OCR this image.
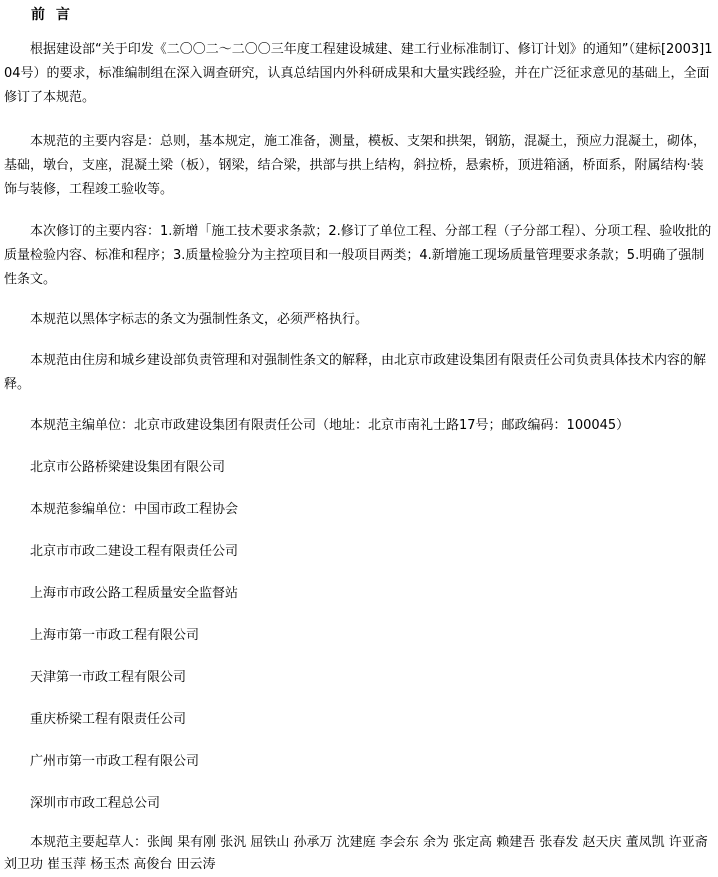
前 言

根据建设部“关于印发《二〇〇二～二〇〇三年度工程建设城建、建工行业标准制订、修订计划》的通知”（建标[2003]104号）的要求，标准编制组在深入调查研究，认真总结国内外科研成果和大量实践经验，并在广泛征求意见的基础上，全面修订了本规范。

本规范的主要内容是：总则，基本规定，施工准备，测量，模板、支架和拱架，钢筋，混凝土，预应力混凝土，砌体，基础，墩台，支座，混凝土梁（板），钢梁，结合梁，拱部与拱上结构，斜拉桥，悬索桥，顶进箱涵，桥面系，附属结构·装饰与装修，工程竣工验收等。

本次修订的主要内容：1.新增「施工技术要求条款；2.修订了单位工程、分部工程（子分部工程）、分项工程、验收批的质量检验内容、标准和程序；3.质量检验分为主控项目和一般项目两类；4.新增施工现场质量管理要求条款；5.明确了强制性条文。

本规范以黑体字标志的条文为强制性条文，必须严格执行。

本规范由住房和城乡建设部负责管理和对强制性条文的解释，由北京市政建设集团有限责任公司负责具体技术内容的解释。

本规范主编单位：北京市政建设集团有限责任公司（地址：北京市南礼士路17号；邮政编码：100045）

北京市公路桥梁建设集团有限公司

本规范参编单位：中国市政工程协会

北京市市政二建设工程有限责任公司

上海市市政公路工程质量安全监督站

上海市第一市政工程有限公司

天津第一市政工程有限公司

重庆桥梁工程有限责任公司

广州市第一市政工程有限公司

深圳市市政工程总公司

本规范主要起草人：张闽 果有刚 张汎 屈铁山 孙承万 沈建庭 李会东 余为 张定高 赖建吾 张春发 赵天庆 董凤凯 许亚斋 刘卫功 崔玉萍 杨玉杰 高俊台 田云涛
